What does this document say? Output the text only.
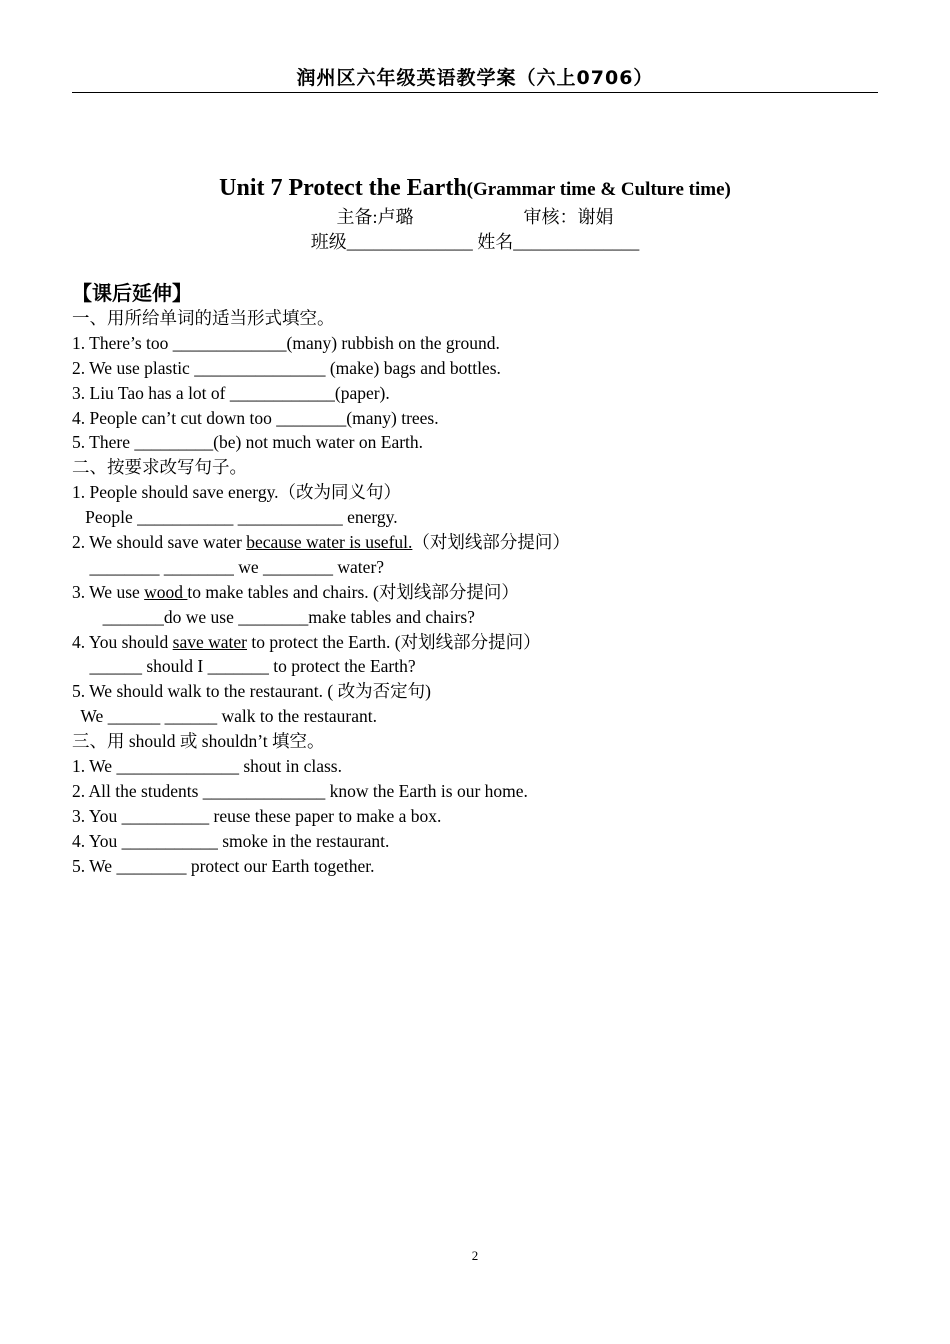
润州区六年级英语教学案（六上0706）
Unit 7 Protect the Earth(Grammar time & Culture time)
主备:卢璐	审核：谢娟
班级______________ 姓名______________
【课后延伸】
一、用所给单词的适当形式填空。
1. There’s too _____________(many) rubbish on the ground.
2. We use plastic _______________ (make) bags and bottles.
3. Liu Tao has a lot of ____________(paper).
4. People can’t cut down too ________(many) trees.
5. There _________(be) not much water on Earth.
二、按要求改写句子。
1. People should save energy.（改为同义句）
People ___________ ____________ energy.
2. We should save water because water is useful.（对划线部分提问）
________ ________ we ________ water?
3. We use wood to make tables and chairs. (对划线部分提问）
_______do we use ________make tables and chairs?
4. You should save water to protect the Earth. (对划线部分提问）
______ should I _______ to protect the Earth?
5. We should walk to the restaurant. ( 改为否定句)
We ______ ______ walk to the restaurant.
三、用 should 或 shouldn’t 填空。
1. We ______________ shout in class.
2. All the students ______________ know the Earth is our home.
3. You __________ reuse these paper to make a box.
4. You ___________ smoke in the restaurant.
5. We ________ protect our Earth together.
2
